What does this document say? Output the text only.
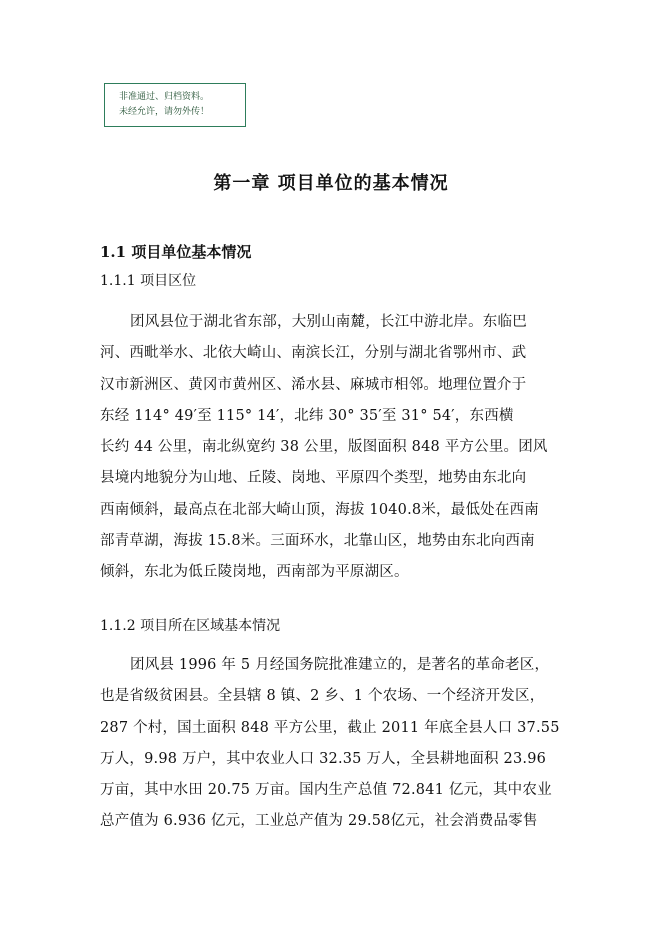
非准通过、归档资料。
未经允许，请勿外传！
第一章 项目单位的基本情况
1.1 项目单位基本情况
1.1.1 项目区位
团风县位于湖北省东部，大别山南麓，长江中游北岸。东临巴
河、西毗举水、北依大崎山、南滨长江，分别与湖北省鄂州市、武
汉市新洲区、黄冈市黄州区、浠水县、麻城市相邻。地理位置介于
东经 114° 49′至 115° 14′，北纬 30° 35′至 31° 54′，东西横
长约 44 公里，南北纵宽约 38 公里，版图面积 848 平方公里。团风
县境内地貌分为山地、丘陵、岗地、平原四个类型，地势由东北向
西南倾斜，最高点在北部大崎山顶，海拔 1040.8米，最低处在西南
部青草湖，海拔 15.8米。三面环水，北靠山区，地势由东北向西南
倾斜，东北为低丘陵岗地，西南部为平原湖区。
1.1.2 项目所在区域基本情况
团风县 1996 年 5 月经国务院批准建立的，是著名的革命老区，
也是省级贫困县。全县辖 8 镇、2 乡、1 个农场、一个经济开发区，
287 个村，国土面积 848 平方公里，截止 2011 年底全县人口 37.55
万人，9.98 万户，其中农业人口 32.35 万人，全县耕地面积 23.96
万亩，其中水田 20.75 万亩。国内生产总值 72.841 亿元，其中农业
总产值为 6.936 亿元，工业总产值为 29.58亿元，社会消费品零售
